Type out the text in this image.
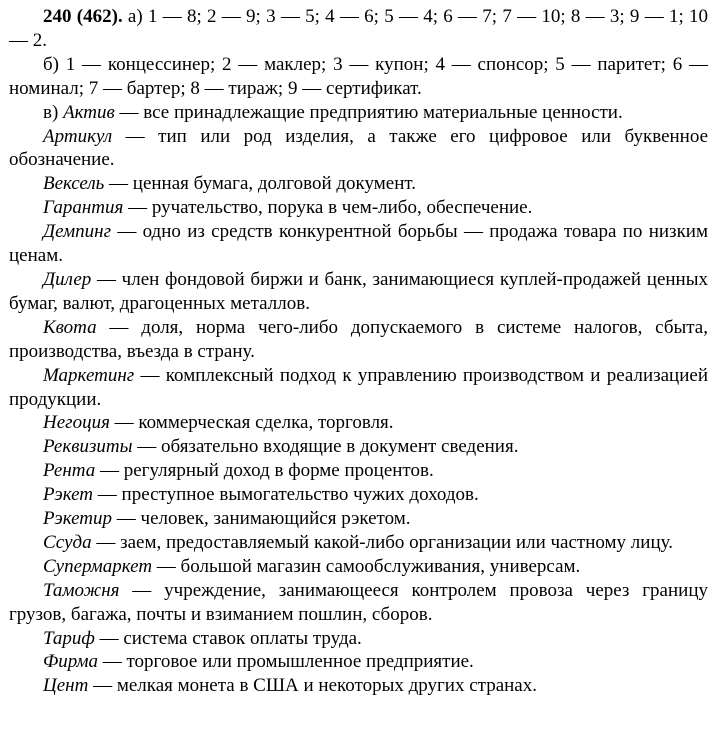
240 (462). а) 1 — 8; 2 — 9; 3 — 5; 4 — 6; 5 — 4; 6 — 7; 7 — 10; 8 — 3; 9 — 1; 10 — 2.

б) 1 — концессинер; 2 — маклер; 3 — купон; 4 — спонсор; 5 — паритет; 6 — номинал; 7 — бартер; 8 — тираж; 9 — сертификат.

в) Актив — все принадлежащие предприятию материальные ценности.

Артикул — тип или род изделия, а также его цифровое или буквенное обозначение.

Вексель — ценная бумага, долговой документ.

Гарантия — ручательство, порука в чем-либо, обеспечение.

Демпинг — одно из средств конкурентной борьбы — продажа товара по низким ценам.

Дилер — член фондовой биржи и банк, занимающиеся куплей-продажей ценных бумаг, валют, драгоценных металлов.

Квота — доля, норма чего-либо допускаемого в системе налогов, сбыта, производства, въезда в страну.

Маркетинг — комплексный подход к управлению производством и реализацией продукции.

Негоция — коммерческая сделка, торговля.

Реквизиты — обязательно входящие в документ сведения.

Рента — регулярный доход в форме процентов.

Рэкет — преступное вымогательство чужих доходов.

Рэкетир — человек, занимающийся рэкетом.

Ссуда — заем, предоставляемый какой-либо организации или частному лицу.

Супермаркет — большой магазин самообслуживания, универсам.

Таможня — учреждение, занимающееся контролем провоза через границу грузов, багажа, почты и взиманием пошлин, сборов.

Тариф — система ставок оплаты труда.

Фирма — торговое или промышленное предприятие.

Цент — мелкая монета в США и некоторых других странах.
